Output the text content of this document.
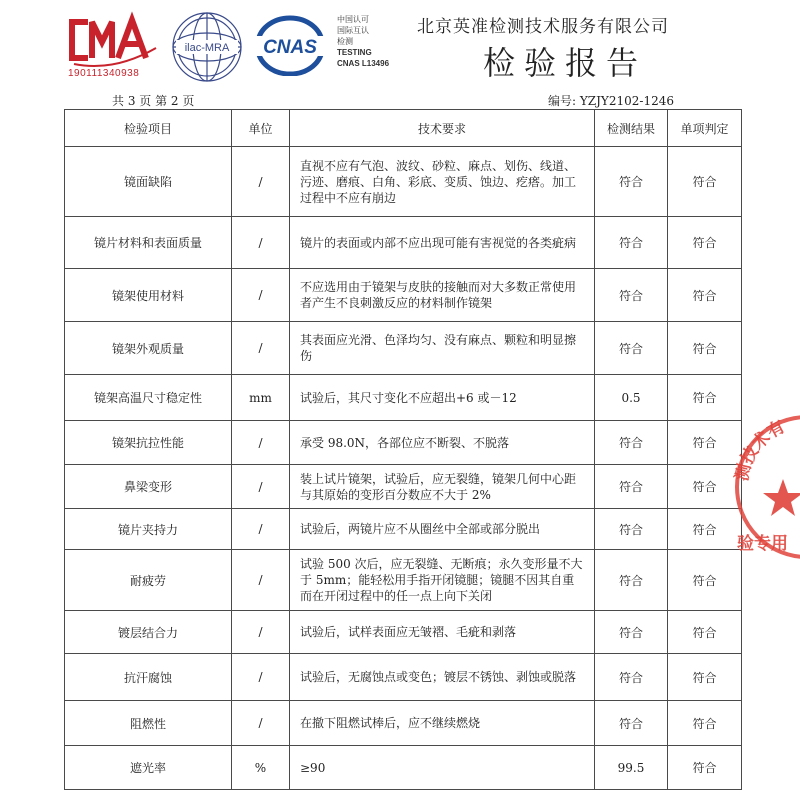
190111340938
ilac-MRA CNAS
中国认可
国际互认
检测
TESTING
CNAS L13496
北京英准检测技术服务有限公司
检验报告
共 3 页 第 2 页	编号: YZJY2102-1246
检验项目	单位	技术要求	检测结果	单项判定
镜面缺陷	/	直视不应有气泡、波纹、砂粒、麻点、划伤、线道、污迹、磨痕、白角、彩底、变质、蚀边、疙瘩。加工过程中不应有崩边	符合	符合
镜片材料和表面质量	/	镜片的表面或内部不应出现可能有害视觉的各类疵病	符合	符合
镜架使用材料	/	不应选用由于镜架与皮肤的接触而对大多数正常使用者产生不良刺激反应的材料制作镜架	符合	符合
镜架外观质量	/	其表面应光滑、色泽均匀、没有麻点、颗粒和明显擦伤	符合	符合
镜架高温尺寸稳定性	mm	试验后，其尺寸变化不应超出+6 或－12	0.5	符合
镜架抗拉性能	/	承受 98.0N，各部位应不断裂、不脱落	符合	符合
鼻梁变形	/	装上试片镜架，试验后，应无裂缝，镜架几何中心距与其原始的变形百分数应不大于 2%	符合	符合
镜片夹持力	/	试验后，两镜片应不从圈丝中全部或部分脱出	符合	符合
耐疲劳	/	试验 500 次后，应无裂缝、无断痕；永久变形量不大于 5mm；能轻松用手指开闭镜腿；镜腿不因其自重而在开闭过程中的任一点上向下关闭	符合	符合
镀层结合力	/	试验后，试样表面应无皱褶、毛疵和剥落	符合	符合
抗汗腐蚀	/	试验后，无腐蚀点或变色；镀层不锈蚀、剥蚀或脱落	符合	符合
阻燃性	/	在撤下阻燃试棒后，应不继续燃烧	符合	符合
遮光率	%	≥90	99.5	符合
测技术有
验专用
